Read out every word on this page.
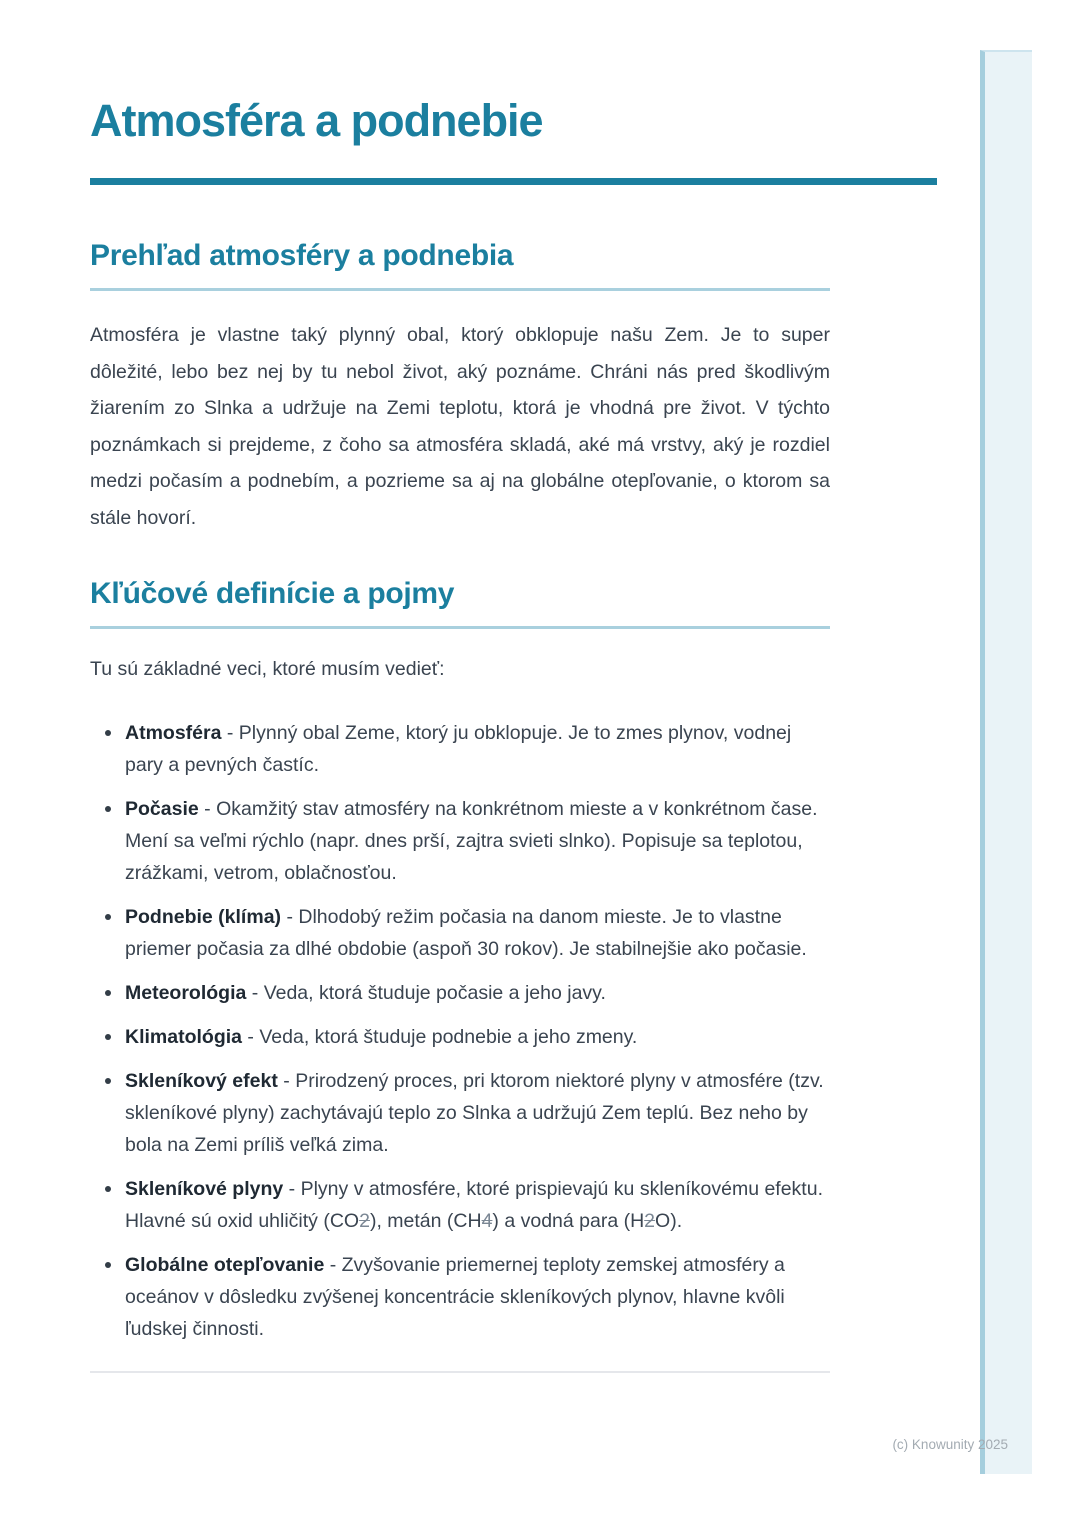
Atmosféra a podnebie
Prehľad atmosféry a podnebia

Atmosféra je vlastne taký plynný obal, ktorý obklopuje našu Zem. Je to super dôležité, lebo bez nej by tu nebol život, aký poznáme. Chráni nás pred škodlivým žiarením zo Slnka a udržuje na Zemi teplotu, ktorá je vhodná pre život. V týchto poznámkach si prejdeme, z čoho sa atmosféra skladá, aké má vrstvy, aký je rozdiel medzi počasím a podnebím, a pozrieme sa aj na globálne otepľovanie, o ktorom sa stále hovorí.

Kľúčové definície a pojmy

Tu sú základné veci, ktoré musím vedieť:

Atmosféra - Plynný obal Zeme, ktorý ju obklopuje. Je to zmes plynov, vodnej pary a pevných častíc.
Počasie - Okamžitý stav atmosféry na konkrétnom mieste a v konkrétnom čase. Mení sa veľmi rýchlo (napr. dnes prší, zajtra svieti slnko). Popisuje sa teplotou, zrážkami, vetrom, oblačnosťou.
Podnebie (klíma) - Dlhodobý režim počasia na danom mieste. Je to vlastne priemer počasia za dlhé obdobie (aspoň 30 rokov). Je stabilnejšie ako počasie.
Meteorológia - Veda, ktorá študuje počasie a jeho javy.
Klimatológia - Veda, ktorá študuje podnebie a jeho zmeny.
Skleníkový efekt - Prirodzený proces, pri ktorom niektoré plyny v atmosfére (tzv. skleníkové plyny) zachytávajú teplo zo Slnka a udržujú Zem teplú. Bez neho by bola na Zemi príliš veľká zima.
Skleníkové plyny - Plyny v atmosfére, ktoré prispievajú ku skleníkovému efektu. Hlavné sú oxid uhličitý (CO2), metán (CH4) a vodná para (H2O).
Globálne otepľovanie - Zvyšovanie priemernej teploty zemskej atmosféry a oceánov v dôsledku zvýšenej koncentrácie skleníkových plynov, hlavne kvôli ľudskej činnosti.
(c) Knowunity 2025
